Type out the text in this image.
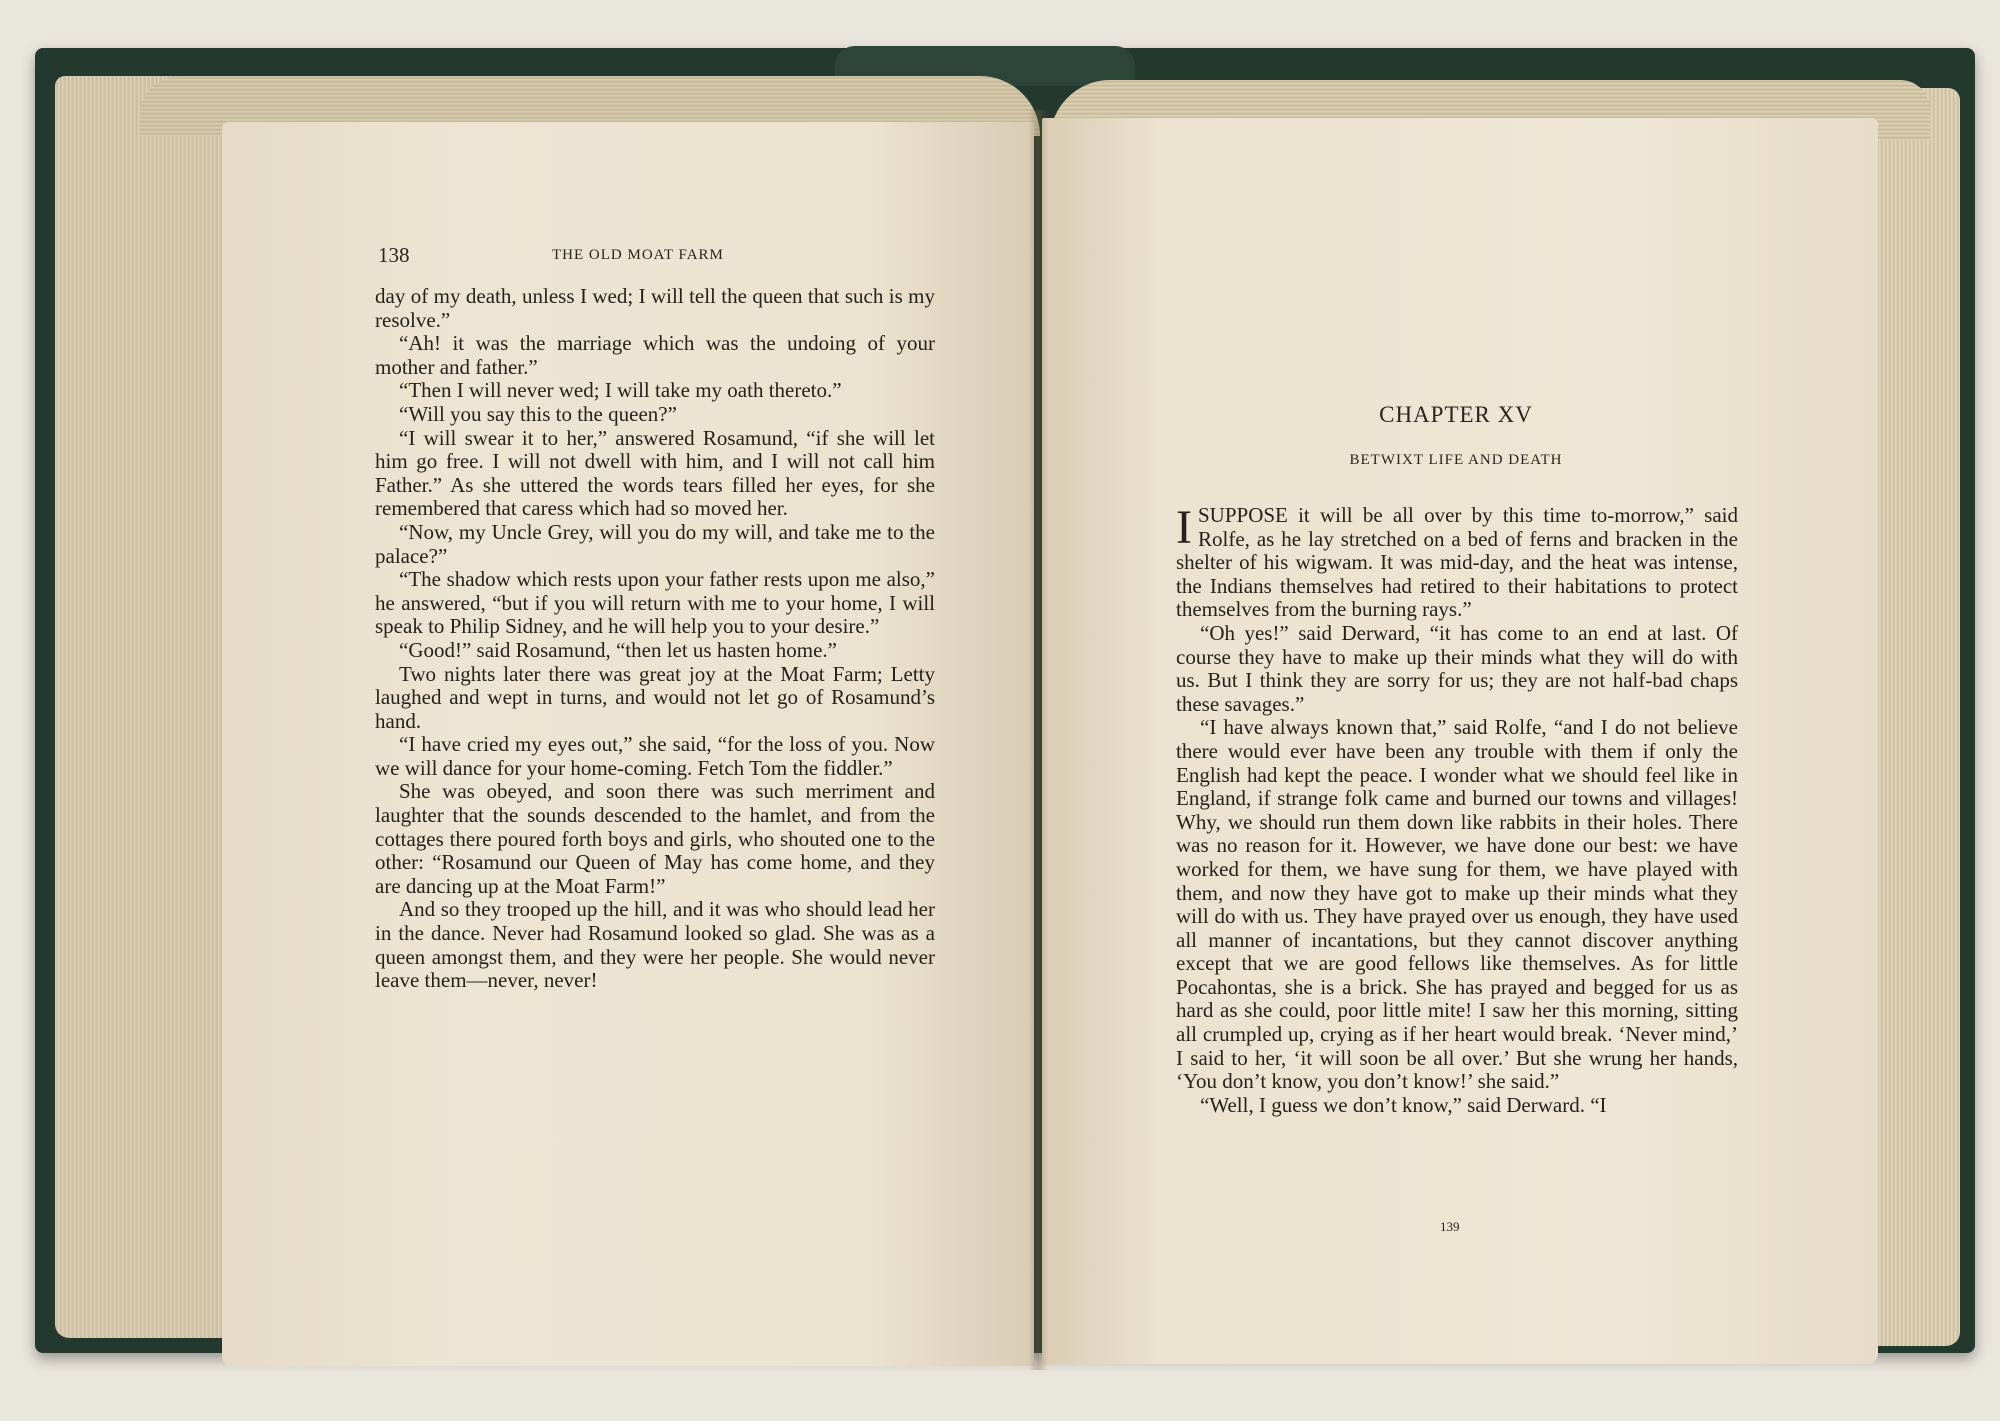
138	THE OLD MOAT FARM

day of my death, unless I wed; I will tell the queen that such is my resolve.”

“Ah! it was the marriage which was the undoing of your mother and father.”

“Then I will never wed; I will take my oath thereto.”

“Will you say this to the queen?”

“I will swear it to her,” answered Rosamund, “if she will let him go free. I will not dwell with him, and I will not call him Father.” As she uttered the words tears filled her eyes, for she remembered that caress which had so moved her.

“Now, my Uncle Grey, will you do my will, and take me to the palace?”

“The shadow which rests upon your father rests upon me also,” he answered, “but if you will return with me to your home, I will speak to Philip Sidney, and he will help you to your desire.”

“Good!” said Rosamund, “then let us hasten home.”

Two nights later there was great joy at the Moat Farm; Letty laughed and wept in turns, and would not let go of Rosamund’s hand.

“I have cried my eyes out,” she said, “for the loss of you. Now we will dance for your home-coming. Fetch Tom the fiddler.”

She was obeyed, and soon there was such merriment and laughter that the sounds descended to the hamlet, and from the cottages there poured forth boys and girls, who shouted one to the other: “Rosamund our Queen of May has come home, and they are dancing up at the Moat Farm!”

And so they trooped up the hill, and it was who should lead her in the dance. Never had Rosamund looked so glad. She was as a queen amongst them, and they were her people. She would never leave them—never, never!

CHAPTER XV
BETWIXT LIFE AND DEATH

I SUPPOSE it will be all over by this time to-morrow,” said Rolfe, as he lay stretched on a bed of ferns and bracken in the shelter of his wigwam. It was mid-day, and the heat was intense, the Indians themselves had retired to their habitations to protect themselves from the burning rays.”

“Oh yes!” said Derward, “it has come to an end at last. Of course they have to make up their minds what they will do with us. But I think they are sorry for us; they are not half-bad chaps these savages.”

“I have always known that,” said Rolfe, “and I do not believe there would ever have been any trouble with them if only the English had kept the peace. I wonder what we should feel like in England, if strange folk came and burned our towns and villages! Why, we should run them down like rabbits in their holes. There was no reason for it. However, we have done our best: we have worked for them, we have sung for them, we have played with them, and now they have got to make up their minds what they will do with us. They have prayed over us enough, they have used all manner of incantations, but they cannot discover anything except that we are good fellows like themselves. As for little Pocahontas, she is a brick. She has prayed and begged for us as hard as she could, poor little mite! I saw her this morning, sitting all crumpled up, crying as if her heart would break. ‘Never mind,’ I said to her, ‘it will soon be all over.’ But she wrung her hands, ‘You don’t know, you don’t know!’ she said.”

“Well, I guess we don’t know,” said Derward. “I

139
